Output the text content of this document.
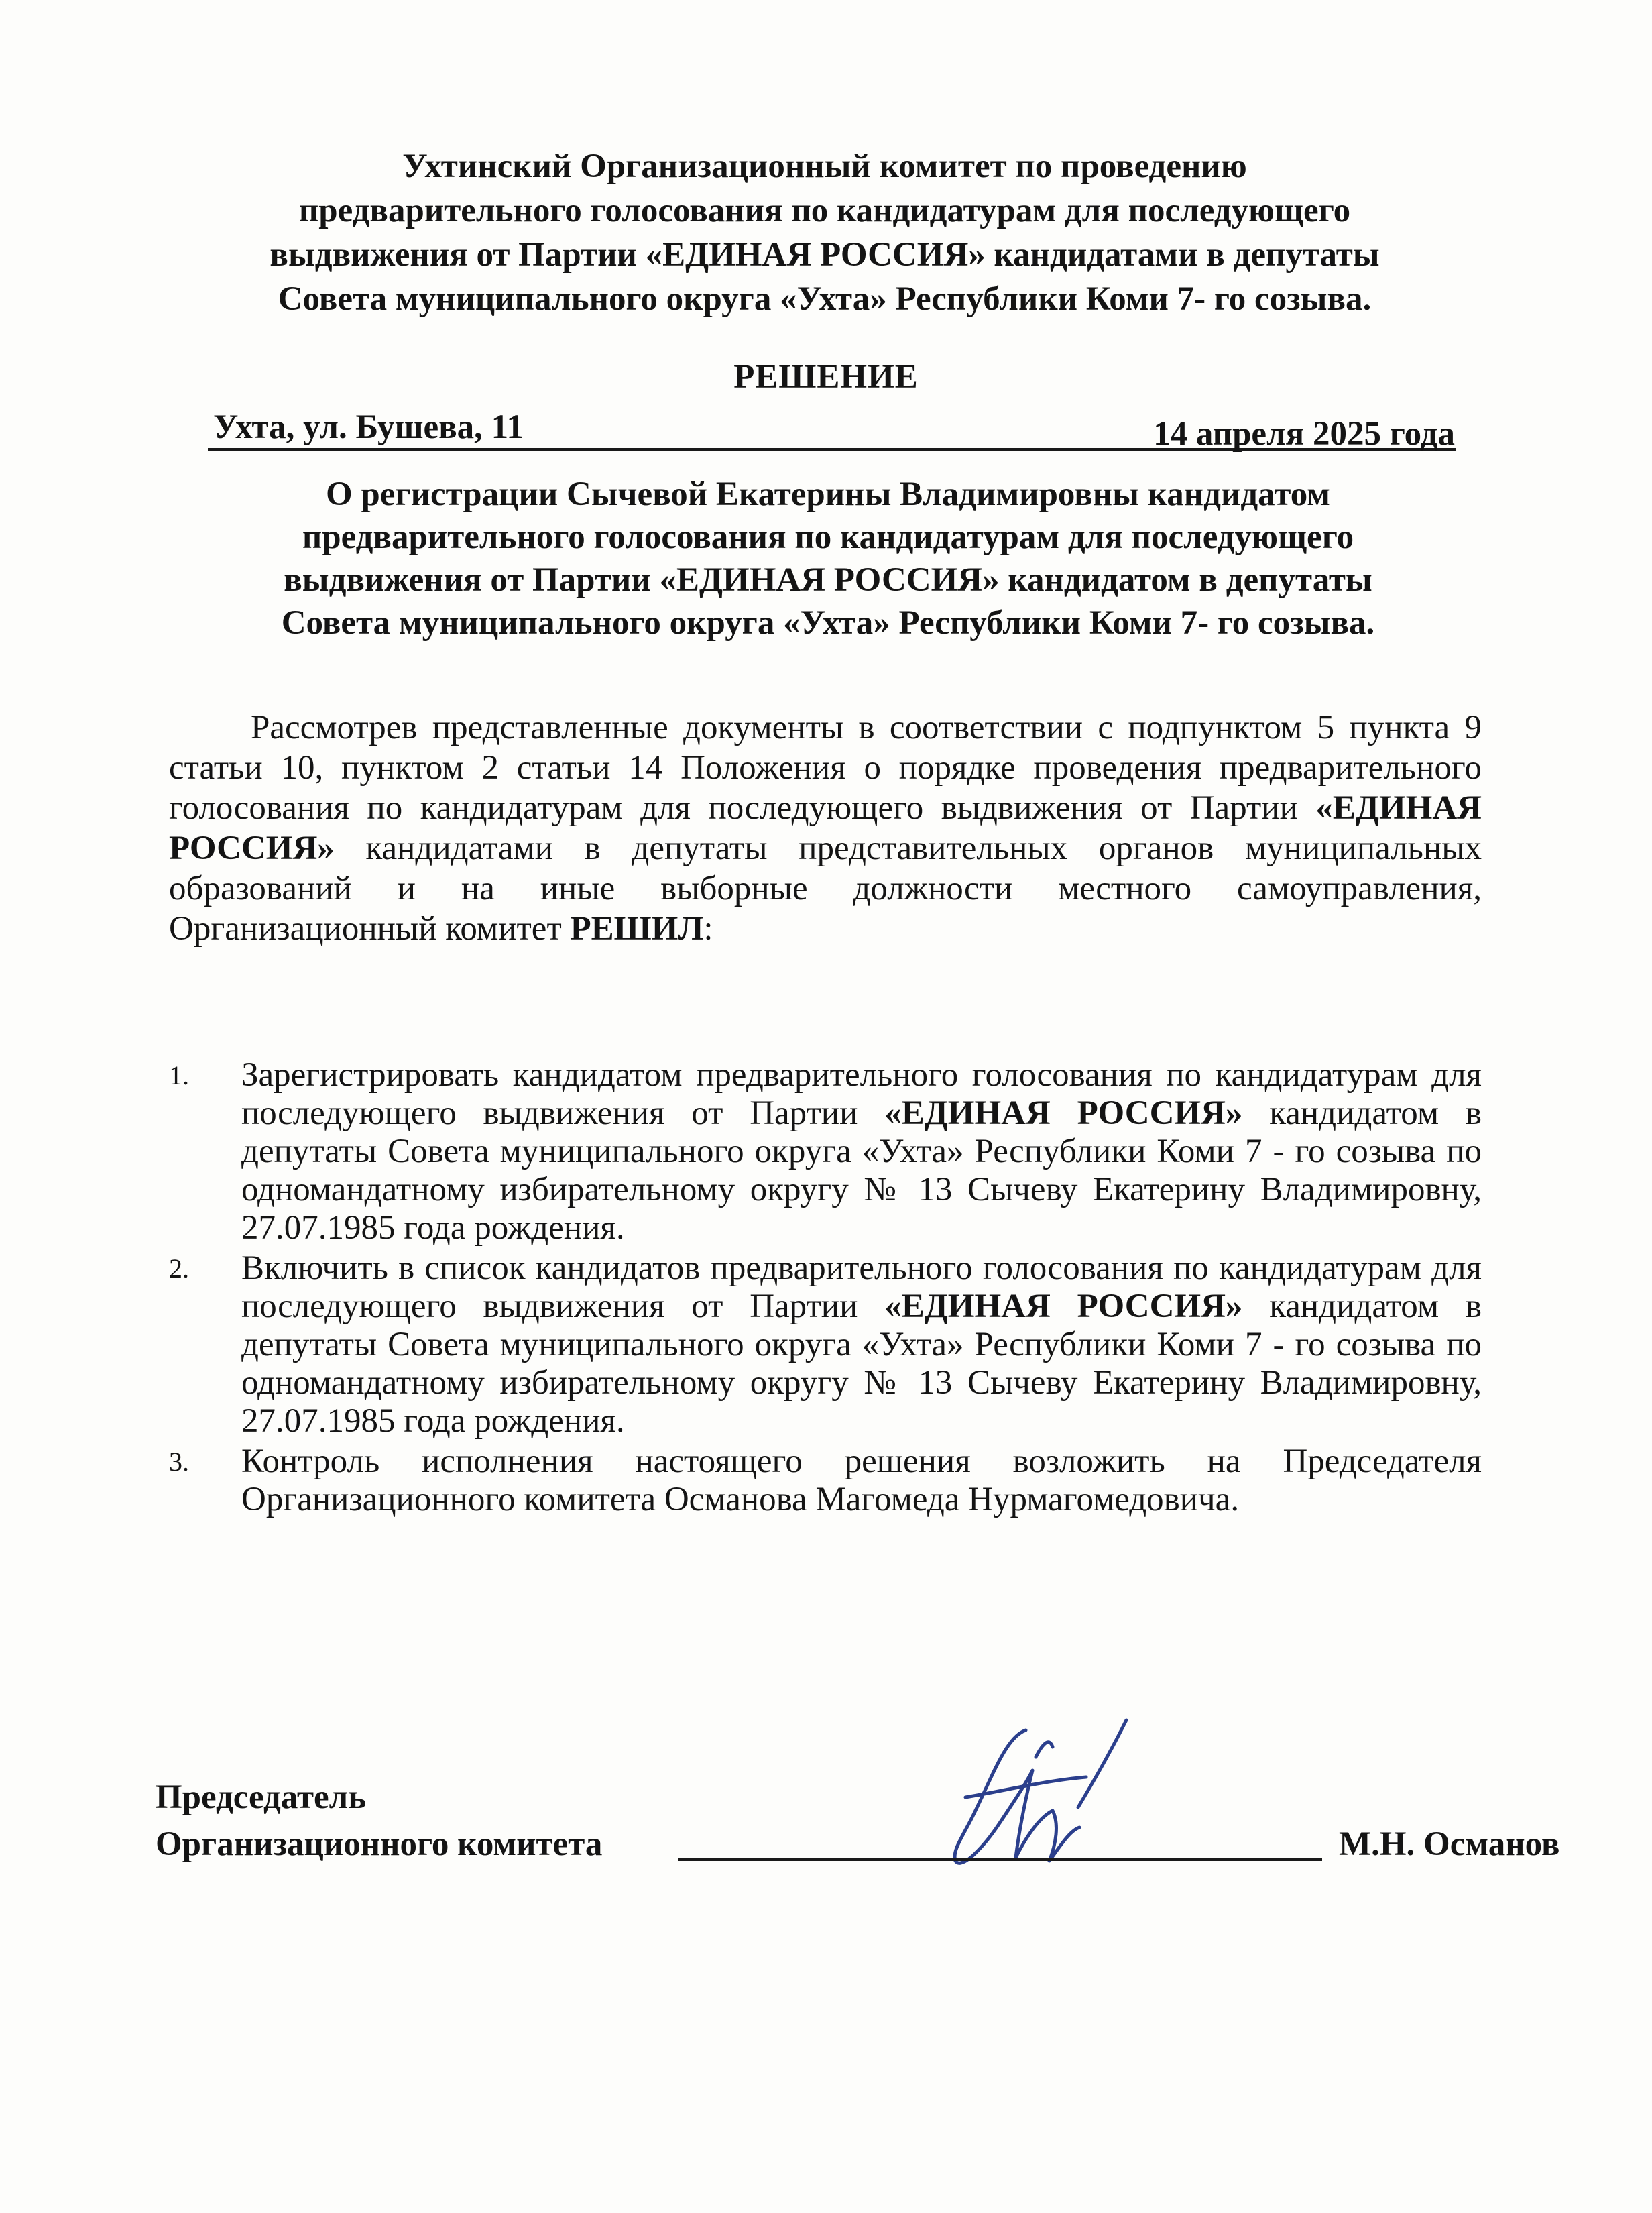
Ухтинский Организационный комитет по проведению
предварительного голосования по кандидатурам для последующего
выдвижения от Партии «ЕДИНАЯ РОССИЯ» кандидатами в депутаты
Совета муниципального округа «Ухта» Республики Коми 7- го созыва.
РЕШЕНИЕ
Ухта, ул. Бушева, 11	14 апреля 2025 года
О регистрации Сычевой Екатерины Владимировны кандидатом
предварительного голосования по кандидатурам для последующего
выдвижения от Партии «ЕДИНАЯ РОССИЯ» кандидатом в депутаты
Совета муниципального округа «Ухта» Республики Коми 7- го созыва.
Рассмотрев представленные документы в соответствии с подпунктом 5 пункта 9 статьи 10, пунктом 2 статьи 14 Положения о порядке проведения предварительного голосования по кандидатурам для последующего выдвижения от Партии «ЕДИНАЯ РОССИЯ» кандидатами в депутаты представительных органов муниципальных образований и на иные выборные должности местного самоуправления, Организационный комитет РЕШИЛ:
1. Зарегистрировать кандидатом предварительного голосования по кандидатурам для последующего выдвижения от Партии «ЕДИНАЯ РОССИЯ» кандидатом в депутаты Совета муниципального округа «Ухта» Республики Коми 7 - го созыва по одномандатному избирательному округу № 13 Сычеву Екатерину Владимировну, 27.07.1985 года рождения.
2. Включить в список кандидатов предварительного голосования по кандидатурам для последующего выдвижения от Партии «ЕДИНАЯ РОССИЯ» кандидатом в депутаты Совета муниципального округа «Ухта» Республики Коми 7 - го созыва по одномандатному избирательному округу № 13 Сычеву Екатерину Владимировну, 27.07.1985 года рождения.
3. Контроль исполнения настоящего решения возложить на Председателя Организационного комитета Османова Магомеда Нурмагомедовича.
Председатель
Организационного комитета	М.Н. Османов
